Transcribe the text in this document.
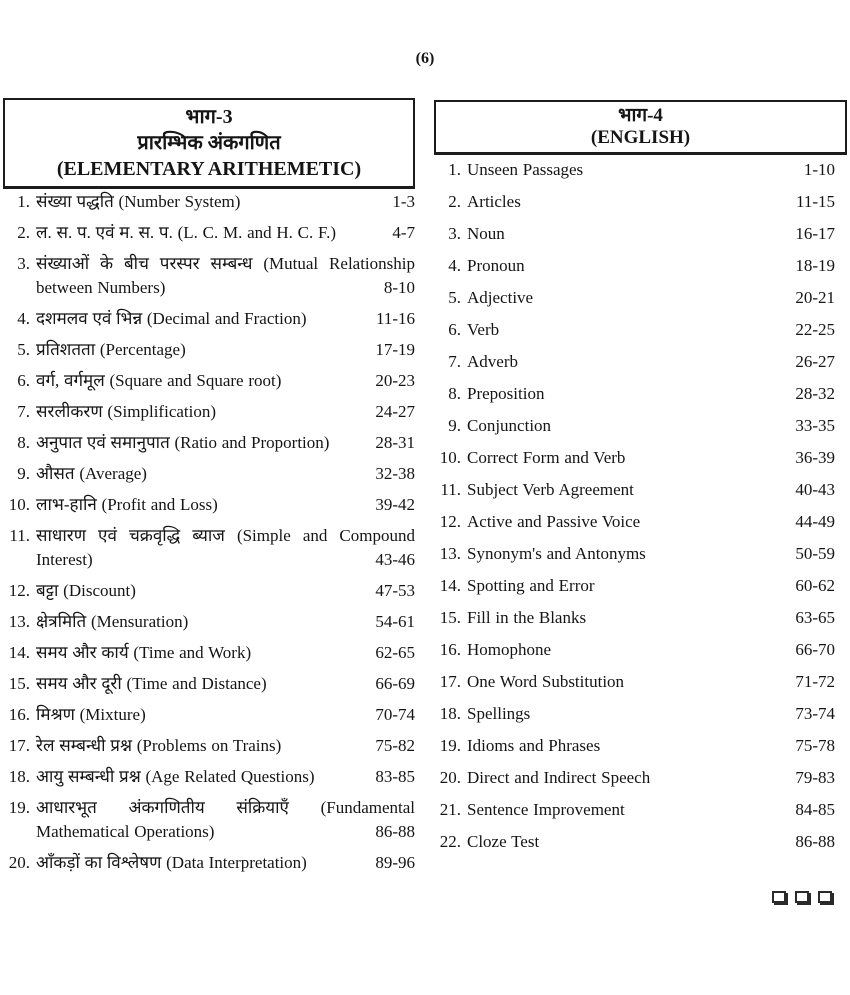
(6)
भाग-3
प्रारम्भिक अंकगणित
(ELEMENTARY ARITHEMETIC)
भाग-4
(ENGLISH)
1. संख्या पद्धति (Number System)	1-3
2. ल. स. प. एवं म. स. प. (L. C. M. and H. C. F.)	4-7
3. संख्याओं के बीच परस्पर सम्बन्ध (Mutual Relationship between Numbers)	8-10
4. दशमलव एवं भिन्न (Decimal and Fraction)	11-16
5. प्रतिशतता (Percentage)	17-19
6. वर्ग, वर्गमूल (Square and Square root)	20-23
7. सरलीकरण (Simplification)	24-27
8. अनुपात एवं समानुपात (Ratio and Proportion)	28-31
9. औसत (Average)	32-38
10. लाभ-हानि (Profit and Loss)	39-42
11. साधारण एवं चक्रवृद्धि ब्याज (Simple and Compound Interest)	43-46
12. बट्टा (Discount)	47-53
13. क्षेत्रमिति (Mensuration)	54-61
14. समय और कार्य (Time and Work)	62-65
15. समय और दूरी (Time and Distance)	66-69
16. मिश्रण (Mixture)	70-74
17. रेल सम्बन्धी प्रश्न (Problems on Trains)	75-82
18. आयु सम्बन्धी प्रश्न (Age Related Questions)	83-85
19. आधारभूत अंकगणितीय संक्रियाएँ (Fundamental Mathematical Operations)	86-88
20. आँकड़ों का विश्लेषण (Data Interpretation)	89-96
1. Unseen Passages	1-10
2. Articles	11-15
3. Noun	16-17
4. Pronoun	18-19
5. Adjective	20-21
6. Verb	22-25
7. Adverb	26-27
8. Preposition	28-32
9. Conjunction	33-35
10. Correct Form and Verb	36-39
11. Subject Verb Agreement	40-43
12. Active and Passive Voice	44-49
13. Synonym's and Antonyms	50-59
14. Spotting and Error	60-62
15. Fill in the Blanks	63-65
16. Homophone	66-70
17. One Word Substitution	71-72
18. Spellings	73-74
19. Idioms and Phrases	75-78
20. Direct and Indirect Speech	79-83
21. Sentence Improvement	84-85
22. Cloze Test	86-88
